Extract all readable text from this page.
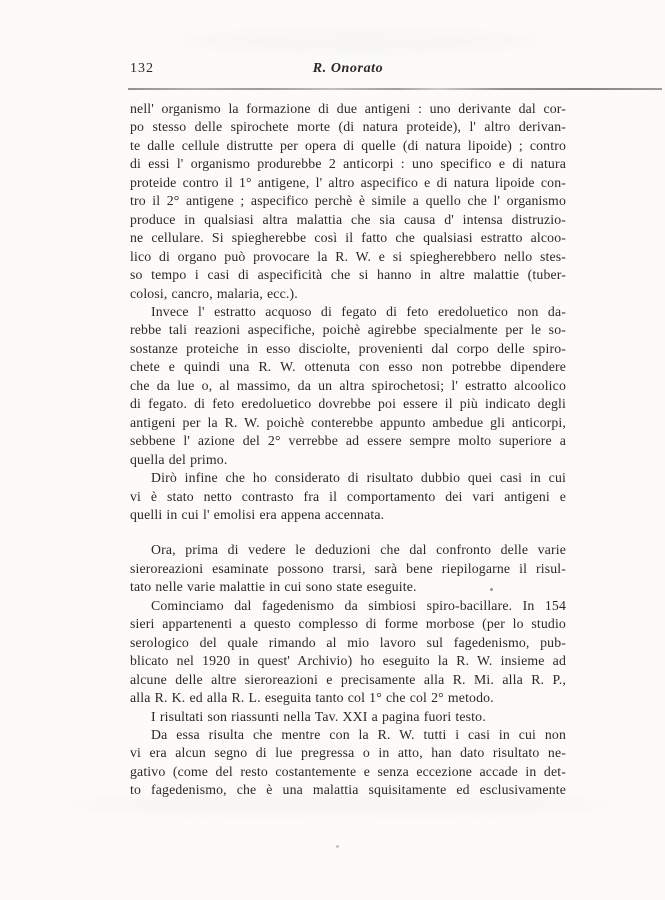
132	R. Onorato
nell' organismo la formazione di due antigeni : uno derivante dal cor-
po stesso delle spirochete morte (di natura proteide), l' altro derivan-
te dalle cellule distrutte per opera di quelle (di natura lipoide) ; contro
di essi l' organismo produrebbe 2 anticorpi : uno specifico e di natura
proteide contro il 1° antigene, l' altro aspecifico e di natura lipoide con-
tro il 2° antigene ; aspecifico perchè è simile a quello che l' organismo
produce in qualsiasi altra malattia che sia causa d' intensa distruzio-
ne cellulare. Si spiegherebbe così il fatto che qualsiasi estratto alcoo-
lico di organo può provocare la R. W. e si spiegherebbero nello stes-
so tempo i casi di aspecificità che si hanno in altre malattie (tuber-
colosi, cancro, malaria, ecc.).
Invece l' estratto acquoso di fegato di feto eredoluetico non da-
rebbe tali reazioni aspecifiche, poichè agirebbe specialmente per le so-
sostanze proteiche in esso disciolte, provenienti dal corpo delle spiro-
chete e quindi una R. W. ottenuta con esso non potrebbe dipendere
che da lue o, al massimo, da un altra spirochetosi; l' estratto alcoolico
di fegato. di feto eredoluetico dovrebbe poi essere il più indicato degli
antigeni per la R. W. poichè conterebbe appunto ambedue gli anticorpi,
sebbene l' azione del 2° verrebbe ad essere sempre molto superiore a
quella del primo.
Dirò infine che ho considerato di risultato dubbio quei casi in cui
vi è stato netto contrasto fra il comportamento dei vari antigeni e
quelli in cui l' emolisi era appena accennata.
Ora, prima di vedere le deduzioni che dal confronto delle varie
sieroreazioni esaminate possono trarsi, sarà bene riepilogarne il risul-
tato nelle varie malattie in cui sono state eseguite.
Cominciamo dal fagedenismo da simbiosi spiro-bacillare. In 154
sieri appartenenti a questo complesso di forme morbose (per lo studio
serologico del quale rimando al mio lavoro sul fagedenismo, pub-
blicato nel 1920 in quest' Archivio) ho eseguito la R. W. insieme ad
alcune delle altre sieroreazioni e precisamente alla R. Mi. alla R. P.,
alla R. K. ed alla R. L. eseguita tanto col 1° che col 2° metodo.
I risultati son riassunti nella Tav. XXI a pagina fuori testo.
Da essa risulta che mentre con la R. W. tutti i casi in cui non
vi era alcun segno di lue pregressa o in atto, han dato risultato ne-
gativo (come del resto costantemente e senza eccezione accade in det-
to fagedenismo, che è una malattia squisitamente ed esclusivamente
